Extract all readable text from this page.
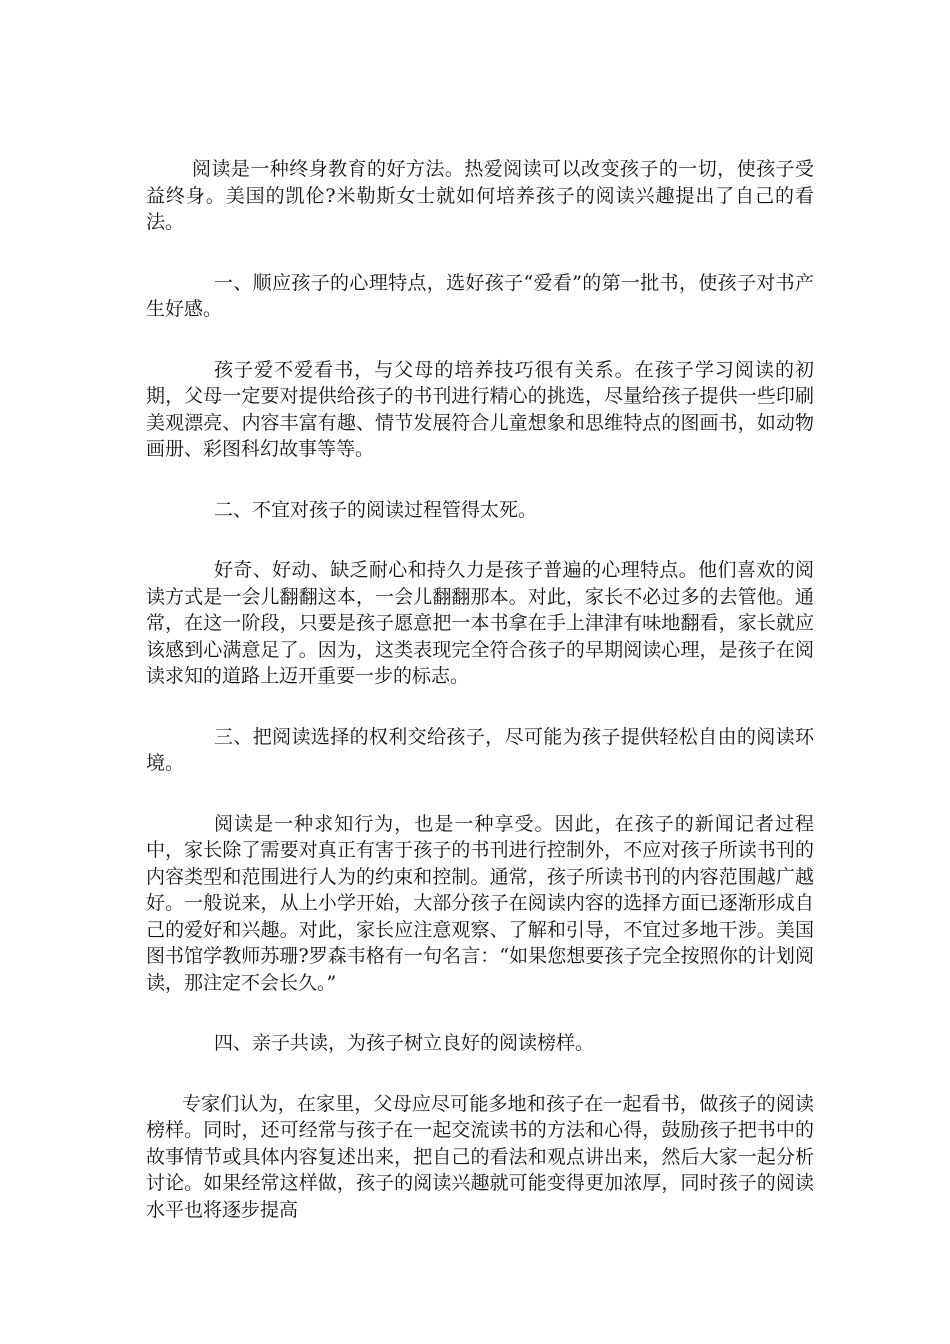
阅读是一种终身教育的好方法。热爱阅读可以改变孩子的一切，使孩子受益终身。美国的凯伦?米勒斯女士就如何培养孩子的阅读兴趣提出了自己的看法。

一、顺应孩子的心理特点，选好孩子“爱看”的第一批书，使孩子对书产生好感。

孩子爱不爱看书，与父母的培养技巧很有关系。在孩子学习阅读的初期，父母一定要对提供给孩子的书刊进行精心的挑选，尽量给孩子提供一些印刷美观漂亮、内容丰富有趣、情节发展符合儿童想象和思维特点的图画书，如动物画册、彩图科幻故事等等。

二、不宜对孩子的阅读过程管得太死。

好奇、好动、缺乏耐心和持久力是孩子普遍的心理特点。他们喜欢的阅读方式是一会儿翻翻这本，一会儿翻翻那本。对此，家长不必过多的去管他。通常，在这一阶段，只要是孩子愿意把一本书拿在手上津津有味地翻看，家长就应该感到心满意足了。因为，这类表现完全符合孩子的早期阅读心理，是孩子在阅读求知的道路上迈开重要一步的标志。

三、把阅读选择的权利交给孩子，尽可能为孩子提供轻松自由的阅读环境。

阅读是一种求知行为，也是一种享受。因此，在孩子的新闻记者过程中，家长除了需要对真正有害于孩子的书刊进行控制外，不应对孩子所读书刊的内容类型和范围进行人为的约束和控制。通常，孩子所读书刊的内容范围越广越好。一般说来，从上小学开始，大部分孩子在阅读内容的选择方面已逐渐形成自己的爱好和兴趣。对此，家长应注意观察、了解和引导，不宜过多地干涉。美国图书馆学教师苏珊?罗森韦格有一句名言：“如果您想要孩子完全按照你的计划阅读，那注定不会长久。”

四、亲子共读，为孩子树立良好的阅读榜样。

专家们认为，在家里，父母应尽可能多地和孩子在一起看书，做孩子的阅读榜样。同时，还可经常与孩子在一起交流读书的方法和心得，鼓励孩子把书中的故事情节或具体内容复述出来，把自己的看法和观点讲出来，然后大家一起分析讨论。如果经常这样做，孩子的阅读兴趣就可能变得更加浓厚，同时孩子的阅读水平也将逐步提高
